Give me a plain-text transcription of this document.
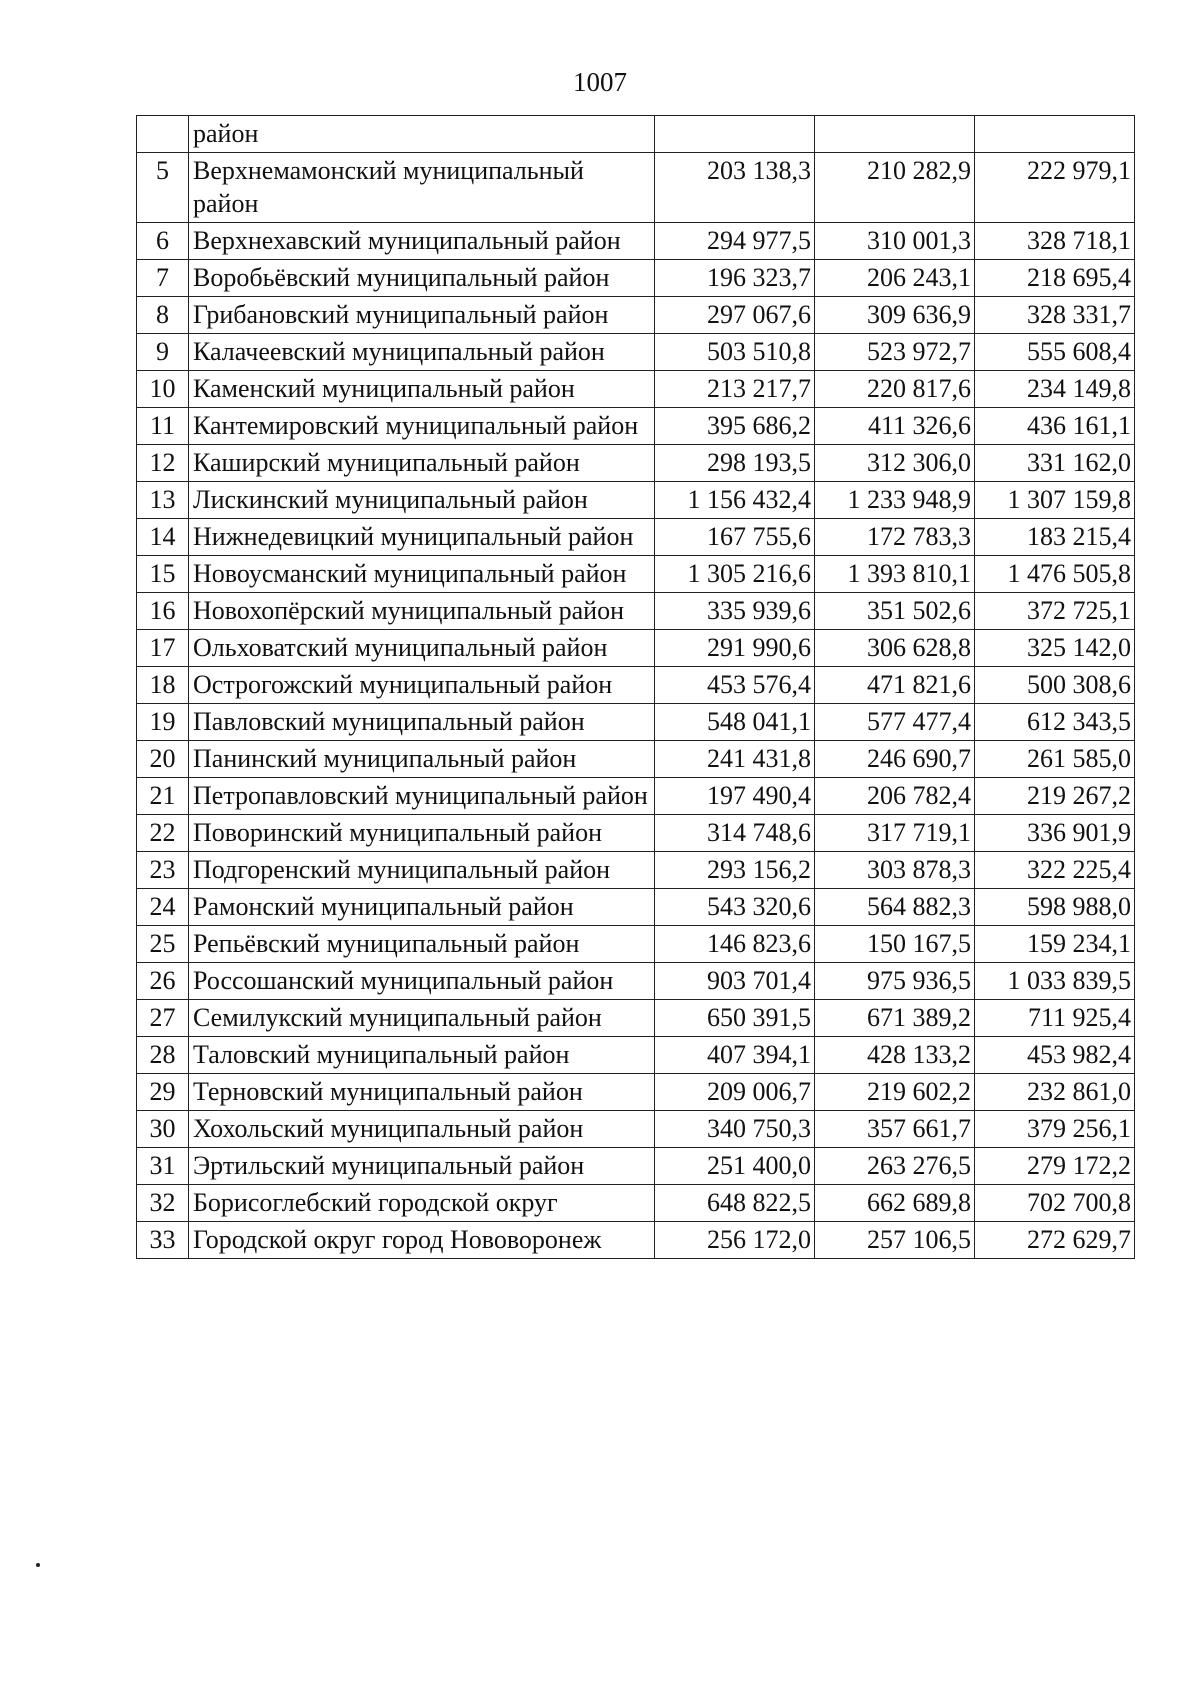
1007
	район			
5	Верхнемамонский муниципальный район	203 138,3	210 282,9	222 979,1
6	Верхнехавский муниципальный район	294 977,5	310 001,3	328 718,1
7	Воробьёвский муниципальный район	196 323,7	206 243,1	218 695,4
8	Грибановский муниципальный район	297 067,6	309 636,9	328 331,7
9	Калачеевский муниципальный район	503 510,8	523 972,7	555 608,4
10	Каменский муниципальный район	213 217,7	220 817,6	234 149,8
11	Кантемировский муниципальный район	395 686,2	411 326,6	436 161,1
12	Каширский муниципальный район	298 193,5	312 306,0	331 162,0
13	Лискинский муниципальный район	1 156 432,4	1 233 948,9	1 307 159,8
14	Нижнедевицкий муниципальный район	167 755,6	172 783,3	183 215,4
15	Новоусманский муниципальный район	1 305 216,6	1 393 810,1	1 476 505,8
16	Новохопёрский муниципальный район	335 939,6	351 502,6	372 725,1
17	Ольховатский муниципальный район	291 990,6	306 628,8	325 142,0
18	Острогожский муниципальный район	453 576,4	471 821,6	500 308,6
19	Павловский муниципальный район	548 041,1	577 477,4	612 343,5
20	Панинский муниципальный район	241 431,8	246 690,7	261 585,0
21	Петропавловский муниципальный район	197 490,4	206 782,4	219 267,2
22	Поворинский муниципальный район	314 748,6	317 719,1	336 901,9
23	Подгоренский муниципальный район	293 156,2	303 878,3	322 225,4
24	Рамонский муниципальный район	543 320,6	564 882,3	598 988,0
25	Репьёвский муниципальный район	146 823,6	150 167,5	159 234,1
26	Россошанский муниципальный район	903 701,4	975 936,5	1 033 839,5
27	Семилукский муниципальный район	650 391,5	671 389,2	711 925,4
28	Таловский муниципальный район	407 394,1	428 133,2	453 982,4
29	Терновский муниципальный район	209 006,7	219 602,2	232 861,0
30	Хохольский муниципальный район	340 750,3	357 661,7	379 256,1
31	Эртильский муниципальный район	251 400,0	263 276,5	279 172,2
32	Борисоглебский городской округ	648 822,5	662 689,8	702 700,8
33	Городской округ город Нововоронеж	256 172,0	257 106,5	272 629,7
